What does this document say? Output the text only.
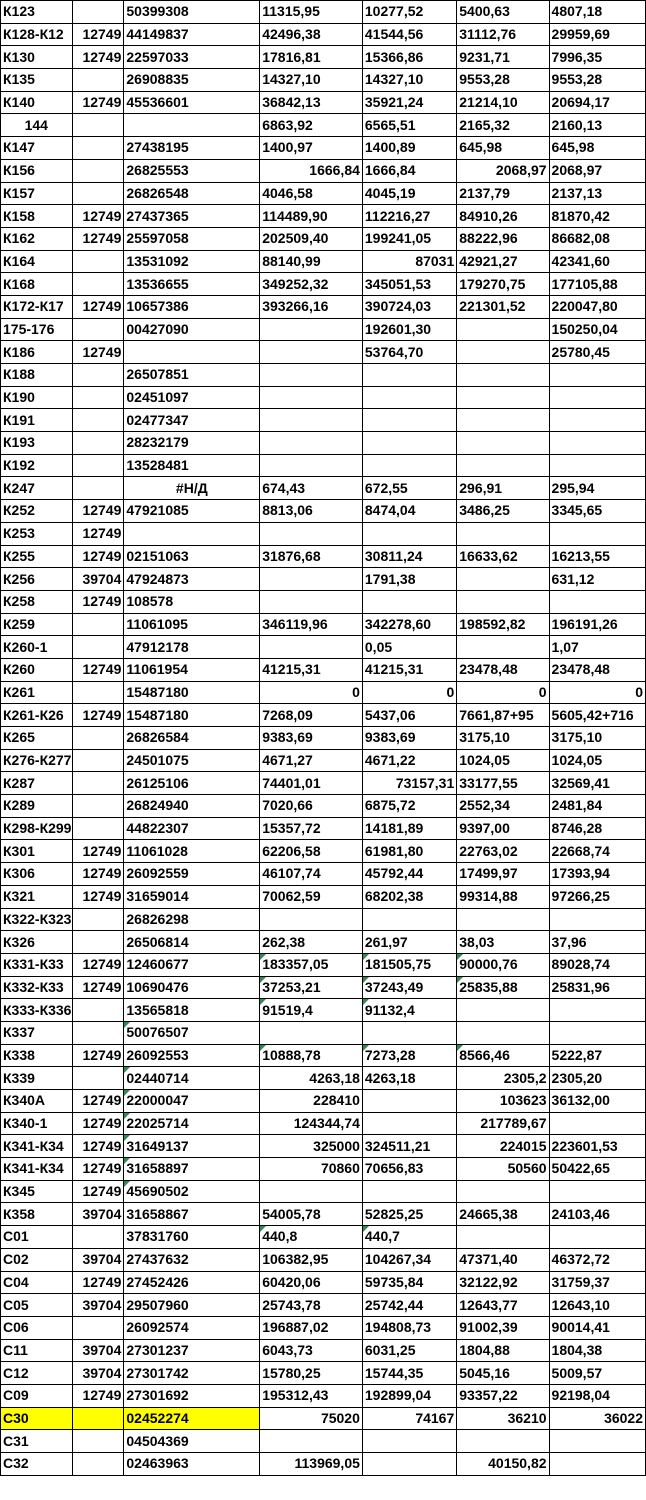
К123		50399308	11315,95	10277,52	5400,63	4807,18
К128-К12	12749	44149837	42496,38	41544,56	31112,76	29959,69
К130	12749	22597033	17816,81	15366,86	9231,71	7996,35
К135		26908835	14327,10	14327,10	9553,28	9553,28
К140	12749	45536601	36842,13	35921,24	21214,10	20694,17
144			6863,92	6565,51	2165,32	2160,13
К147		27438195	1400,97	1400,89	645,98	645,98
К156		26825553	1666,84	1666,84	2068,97	2068,97
К157		26826548	4046,58	4045,19	2137,79	2137,13
К158	12749	27437365	114489,90	112216,27	84910,26	81870,42
К162	12749	25597058	202509,40	199241,05	88222,96	86682,08
К164		13531092	88140,99	87031	42921,27	42341,60
К168		13536655	349252,32	345051,53	179270,75	177105,88
К172-К17	12749	10657386	393266,16	390724,03	221301,52	220047,80
175-176		00427090		192601,30		150250,04
К186	12749			53764,70		25780,45
К188		26507851				
К190		02451097				
К191		02477347				
К193		28232179				
К192		13528481				
К247		#Н/Д	674,43	672,55	296,91	295,94
К252	12749	47921085	8813,06	8474,04	3486,25	3345,65
К253	12749					
К255	12749	02151063	31876,68	30811,24	16633,62	16213,55
К256	39704	47924873		1791,38		631,12
К258	12749	108578				
К259		11061095	346119,96	342278,60	198592,82	196191,26
К260-1		47912178		0,05		1,07
К260	12749	11061954	41215,31	41215,31	23478,48	23478,48
К261		15487180	0	0	0	0
К261-К26	12749	15487180	7268,09	5437,06	7661,87+95	5605,42+716
К265		26826584	9383,69	9383,69	3175,10	3175,10
К276-К277		24501075	4671,27	4671,22	1024,05	1024,05
К287		26125106	74401,01	73157,31	33177,55	32569,41
К289		26824940	7020,66	6875,72	2552,34	2481,84
К298-К299		44822307	15357,72	14181,89	9397,00	8746,28
К301	12749	11061028	62206,58	61981,80	22763,02	22668,74
К306	12749	26092559	46107,74	45792,44	17499,97	17393,94
К321	12749	31659014	70062,59	68202,38	99314,88	97266,25
К322-К323		26826298				
К326		26506814	262,38	261,97	38,03	37,96
К331-К33	12749	12460677	183357,05	181505,75	90000,76	89028,74
К332-К33	12749	10690476	37253,21	37243,49	25835,88	25831,96
К333-К336		13565818	91519,4	91132,4		
К337		50076507				
К338	12749	26092553	10888,78	7273,28	8566,46	5222,87
К339		02440714	4263,18	4263,18	2305,2	2305,20
К340А	12749	22000047	228410		103623	36132,00
К340-1	12749	22025714	124344,74		217789,67	
К341-К34	12749	31649137	325000	324511,21	224015	223601,53
К341-К34	12749	31658897	70860	70656,83	50560	50422,65
К345	12749	45690502				
К358	39704	31658867	54005,78	52825,25	24665,38	24103,46
С01		37831760	440,8	440,7		
С02	39704	27437632	106382,95	104267,34	47371,40	46372,72
С04	12749	27452426	60420,06	59735,84	32122,92	31759,37
С05	39704	29507960	25743,78	25742,44	12643,77	12643,10
С06		26092574	196887,02	194808,73	91002,39	90014,41
С11	39704	27301237	6043,73	6031,25	1804,88	1804,38
С12	39704	27301742	15780,25	15744,35	5045,16	5009,57
С09	12749	27301692	195312,43	192899,04	93357,22	92198,04
С30		02452274	75020	74167	36210	36022
С31		04504369				
С32		02463963	113969,05		40150,82	
